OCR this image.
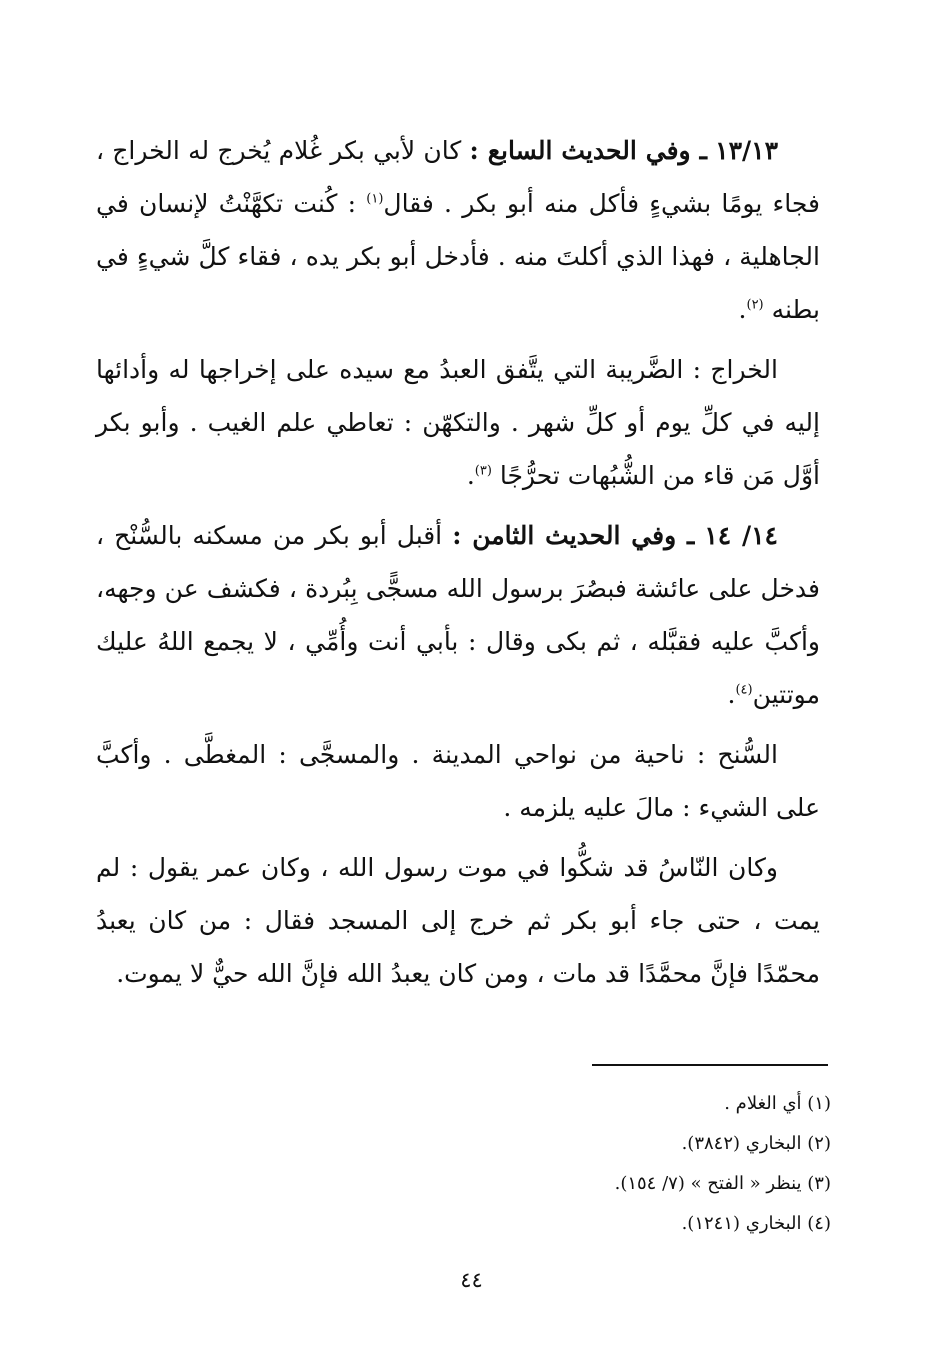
١٣/١٣ ـ وفي الحديث السابع : كان لأبي بكر غُلام يُخرج له الخراج ، فجاء يومًا بشيءٍ فأكل منه أبو بكر . فقال$^{(١)}$ : كُنت تكهَّنْتُ لإنسان في الجاهلية ، فهذا الذي أكلتَ منه . فأدخل أبو بكر يده ، فقاء كلَّ شيءٍ في بطنه $^{(٢)}$.

الخراج : الضَّريبة التي يتَّفق العبدُ مع سيده على إخراجها له وأدائها إليه في كلِّ يوم أو كلِّ شهر . والتكهّن : تعاطي علم الغيب . وأبو بكر أوَّل مَن قاء من الشُّبُهات تحرُّجًا $^{(٣)}$.

١٤/ ١٤ ـ وفي الحديث الثامن : أقبل أبو بكر من مسكنه بالسُّنْح ، فدخل على عائشة فبصُرَ برسول الله مسجًّى بِبُردة ، فكشف عن وجهه، وأكبَّ عليه فقبَّله ، ثم بكى وقال : بأبي أنت وأُمِّي ، لا يجمع اللهُ عليك موتتين$^{(٤)}$.

السُّنح : ناحية من نواحي المدينة . والمسجَّى : المغطَّى . وأكبَّ على الشيء : مالَ عليه يلزمه .

وكان النّاسُ قد شكُّوا في موت رسول الله ، وكان عمر يقول : لم يمت ، حتى جاء أبو بكر ثم خرج إلى المسجد فقال : من كان يعبدُ محمّدًا فإنَّ محمَّدًا قد مات ، ومن كان يعبدُ الله فإنَّ الله حيٌّ لا يموت.

(١) أي الغلام .

(٢) البخاري (٣٨٤٢).

(٣) ينظر « الفتح » (٧/ ١٥٤).

(٤) البخاري (١٢٤١).

٤٤
